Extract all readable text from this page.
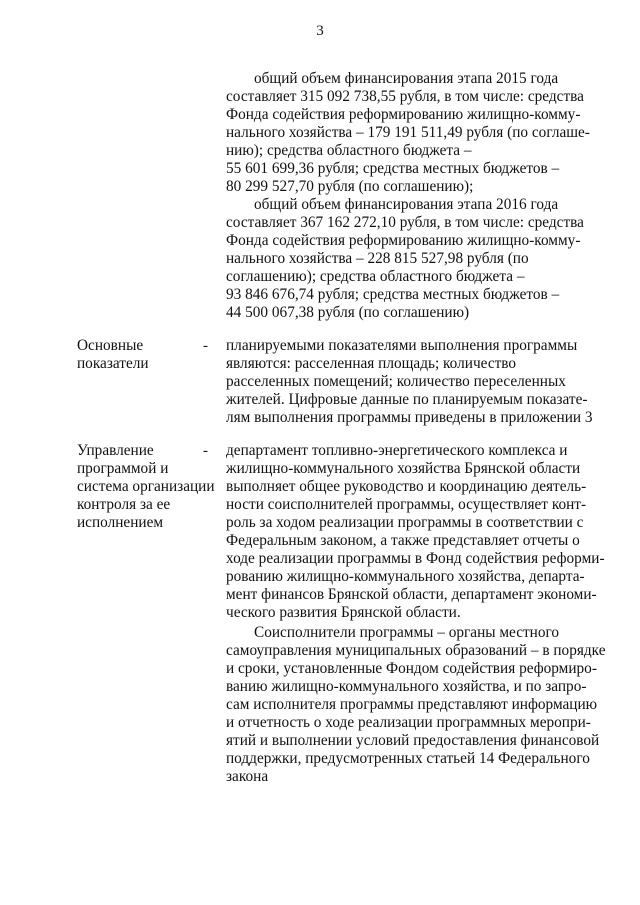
3
общий объем финансирования этапа 2015 года
составляет 315 092 738,55 рубля, в том числе: средства
Фонда содействия реформированию жилищно-комму-
нального хозяйства – 179 191 511,49 рубля (по соглаше-
нию); средства областного бюджета –
55 601 699,36 рубля; средства местных бюджетов –
80 299 527,70 рубля (по соглашению);
общий объем финансирования этапа 2016 года
составляет 367 162 272,10 рубля, в том числе: средства
Фонда содействия реформированию жилищно-комму-
нального хозяйства – 228 815 527,98 рубля (по
соглашению); средства областного бюджета –
93 846 676,74 рубля; средства местных бюджетов –
44 500 067,38 рубля (по соглашению)
Основные
показатели
- планируемыми показателями выполнения программы
являются: расселенная площадь; количество
расселенных помещений; количество переселенных
жителей. Цифровые данные по планируемым показате-
лям выполнения программы приведены в приложении 3
Управление
программой и
система организации
контроля за ее
исполнением
- департамент топливно-энергетического комплекса и
жилищно-коммунального хозяйства Брянской области
выполняет общее руководство и координацию деятель-
ности соисполнителей программы, осуществляет конт-
роль за ходом реализации программы в соответствии с
Федеральным законом, а также представляет отчеты о
ходе реализации программы в Фонд содействия реформи-
рованию жилищно-коммунального хозяйства, департа-
мент финансов Брянской области, департамент экономи-
ческого развития Брянской области.
Соисполнители программы – органы местного
самоуправления муниципальных образований – в порядке
и сроки, установленные Фондом содействия реформиро-
ванию жилищно-коммунального хозяйства, и по запро-
сам исполнителя программы представляют информацию
и отчетность о ходе реализации программных меропри-
ятий и выполнении условий предоставления финансовой
поддержки, предусмотренных статьей 14 Федерального
закона
